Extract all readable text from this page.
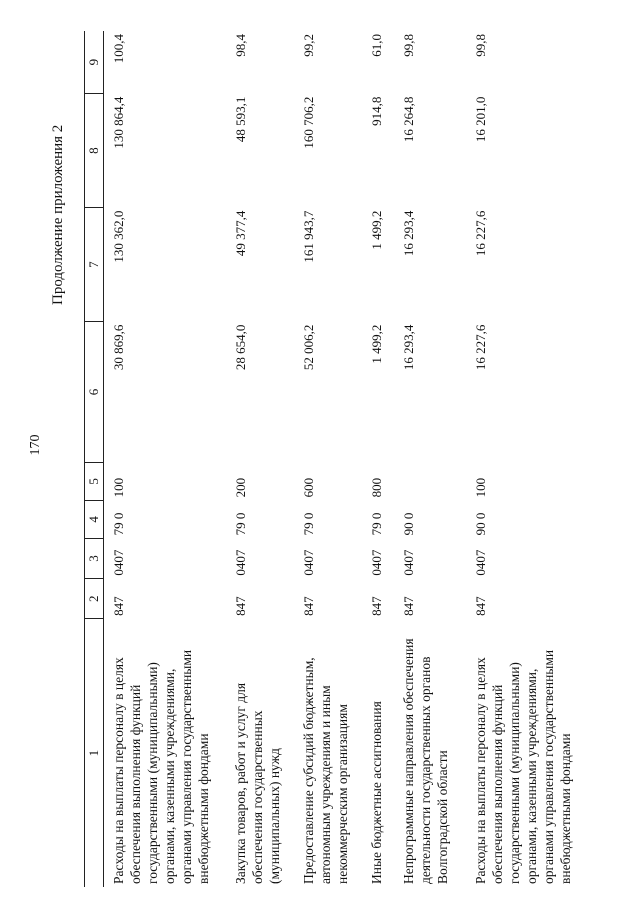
170
Продолжение приложения 2
1	2	3	4	5	6	7	8	9
Расходы на выплаты персоналу в целях обеспечения выполнения функций государственными (муниципальными) органами, казенными учреждениями, органами управления государственными внебюджетными фондами	847	0407	79 0	100	30 869,6	130 362,0	130 864,4	100,4
Закупка товаров, работ и услуг для обеспечения государственных (муниципальных) нужд	847	0407	79 0	200	28 654,0	49 377,4	48 593,1	98,4
Предоставление субсидий бюджетным, автономным учреждениям и иным некоммерческим организациям	847	0407	79 0	600	52 006,2	161 943,7	160 706,2	99,2
Иные бюджетные ассигнования	847	0407	79 0	800	1 499,2	1 499,2	914,8	61,0
Непрограммные направления обеспечения деятельности государственных органов Волгоградской области	847	0407	90 0		16 293,4	16 293,4	16 264,8	99,8
Расходы на выплаты персоналу в целях обеспечения выполнения функций государственными (муниципальными) органами, казенными учреждениями, органами управления государственными внебюджетными фондами	847	0407	90 0	100	16 227,6	16 227,6	16 201,0	99,8
